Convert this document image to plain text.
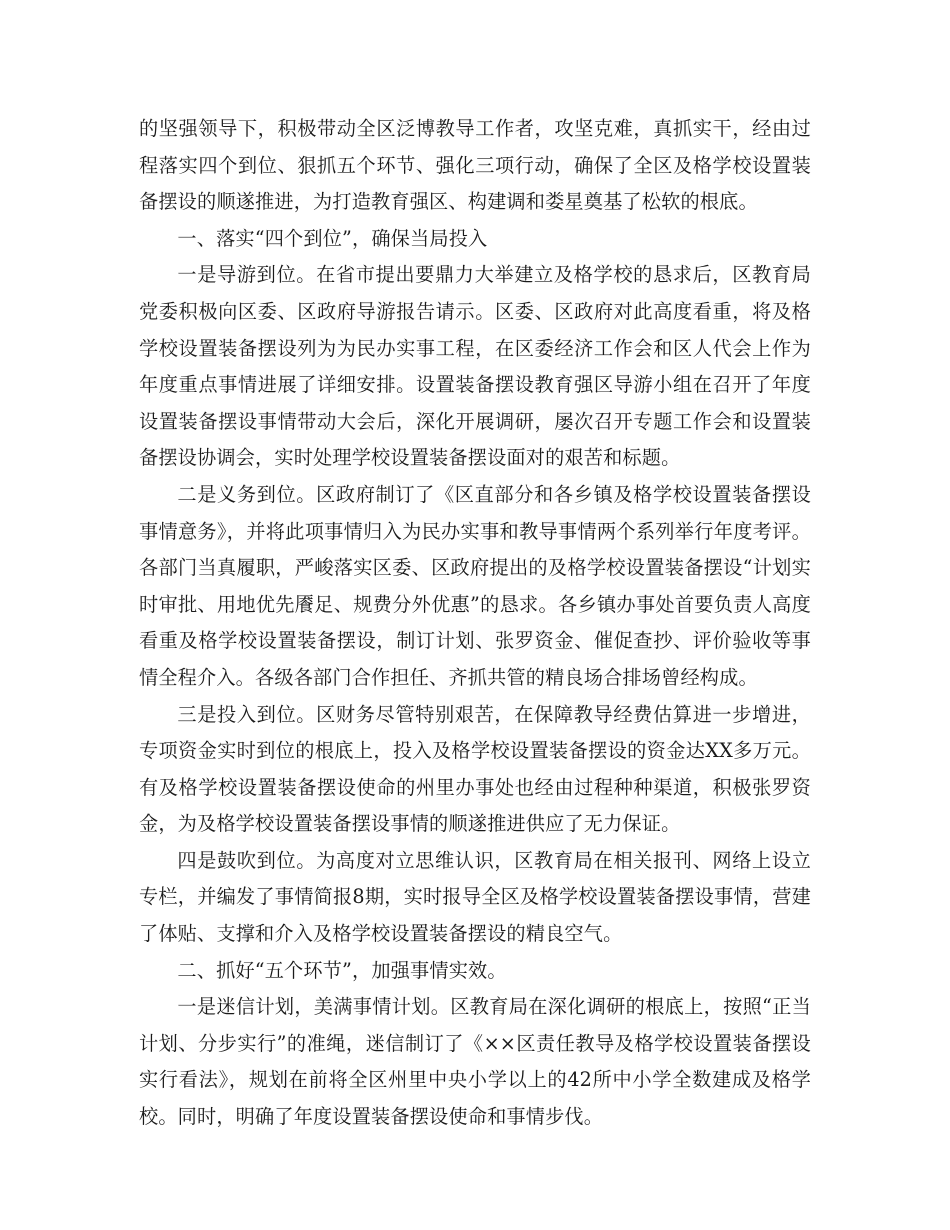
的坚强领导下，积极带动全区泛博教导工作者，攻坚克难，真抓实干，经由过程落实四个到位、狠抓五个环节、强化三项行动，确保了全区及格学校设置装备摆设的顺遂推进，为打造教育强区、构建调和娄星奠基了松软的根底。

一、落实“四个到位”，确保当局投入

一是导游到位。在省市提出要鼎力大举建立及格学校的恳求后，区教育局党委积极向区委、区政府导游报告请示。区委、区政府对此高度看重，将及格学校设置装备摆设列为为民办实事工程，在区委经济工作会和区人代会上作为年度重点事情进展了详细安排。设置装备摆设教育强区导游小组在召开了年度设置装备摆设事情带动大会后，深化开展调研，屡次召开专题工作会和设置装备摆设协调会，实时处理学校设置装备摆设面对的艰苦和标题。

二是义务到位。区政府制订了《区直部分和各乡镇及格学校设置装备摆设事情意务》，并将此项事情归入为民办实事和教导事情两个系列举行年度考评。各部门当真履职，严峻落实区委、区政府提出的及格学校设置装备摆设“计划实时审批、用地优先餍足、规费分外优惠”的恳求。各乡镇办事处首要负责人高度看重及格学校设置装备摆设，制订计划、张罗资金、催促查抄、评价验收等事情全程介入。各级各部门合作担任、齐抓共管的精良场合排场曾经构成。

三是投入到位。区财务尽管特别艰苦，在保障教导经费估算进一步增进，专项资金实时到位的根底上，投入及格学校设置装备摆设的资金达XX多万元。有及格学校设置装备摆设使命的州里办事处也经由过程种种渠道，积极张罗资金，为及格学校设置装备摆设事情的顺遂推进供应了无力保证。

四是鼓吹到位。为高度对立思维认识，区教育局在相关报刊、网络上设立专栏，并编发了事情简报8期，实时报导全区及格学校设置装备摆设事情，营建了体贴、支撑和介入及格学校设置装备摆设的精良空气。

二、抓好“五个环节”，加强事情实效。

一是迷信计划，美满事情计划。区教育局在深化调研的根底上，按照“正当计划、分步实行”的准绳，迷信制订了《××区责任教导及格学校设置装备摆设实行看法》，规划在前将全区州里中央小学以上的42所中小学全数建成及格学校。同时，明确了年度设置装备摆设使命和事情步伐。
